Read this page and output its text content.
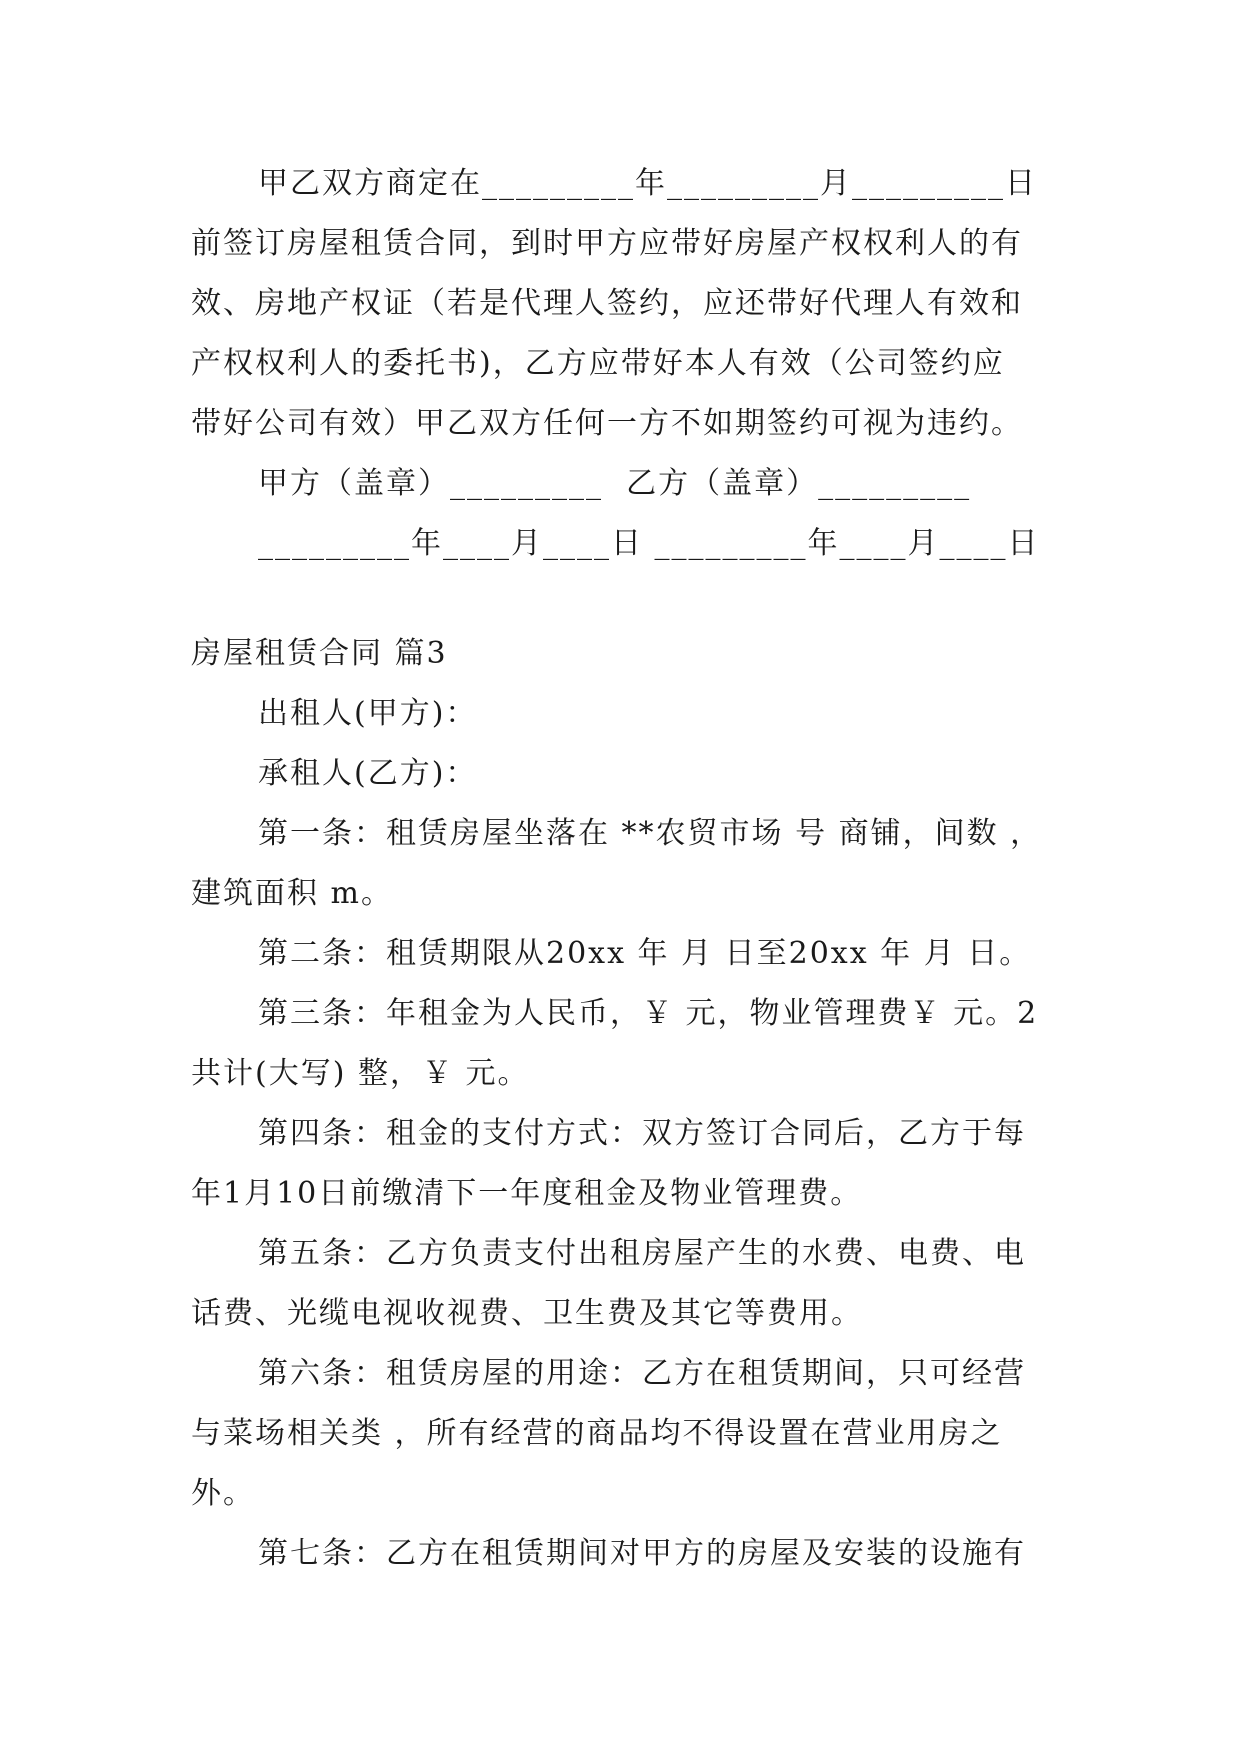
甲乙双方商定在_________年_________月_________日
前签订房屋租赁合同，到时甲方应带好房屋产权权利人的有
效、房地产权证（若是代理人签约，应还带好代理人有效和
产权权利人的委托书)，乙方应带好本人有效（公司签约应
带好公司有效）甲乙双方任何一方不如期签约可视为违约。
甲方（盖章）_________  乙方（盖章）_________
_________年____月____日 _________年____月____日
房屋租赁合同 篇3
出租人(甲方)：
承租人(乙方)：
第一条：租赁房屋坐落在 **农贸市场 号 商铺，间数 ，
建筑面积 m。
第二条：租赁期限从20xx 年 月 日至20xx 年 月 日。
第三条：年租金为人民币，￥ 元，物业管理费￥ 元。2
共计(大写) 整，￥ 元。
第四条：租金的支付方式：双方签订合同后，乙方于每
年1月10日前缴清下一年度租金及物业管理费。
第五条：乙方负责支付出租房屋产生的水费、电费、电
话费、光缆电视收视费、卫生费及其它等费用。
第六条：租赁房屋的用途：乙方在租赁期间，只可经营
与菜场相关类 ，所有经营的商品均不得设置在营业用房之
外。
第七条：乙方在租赁期间对甲方的房屋及安装的设施有
